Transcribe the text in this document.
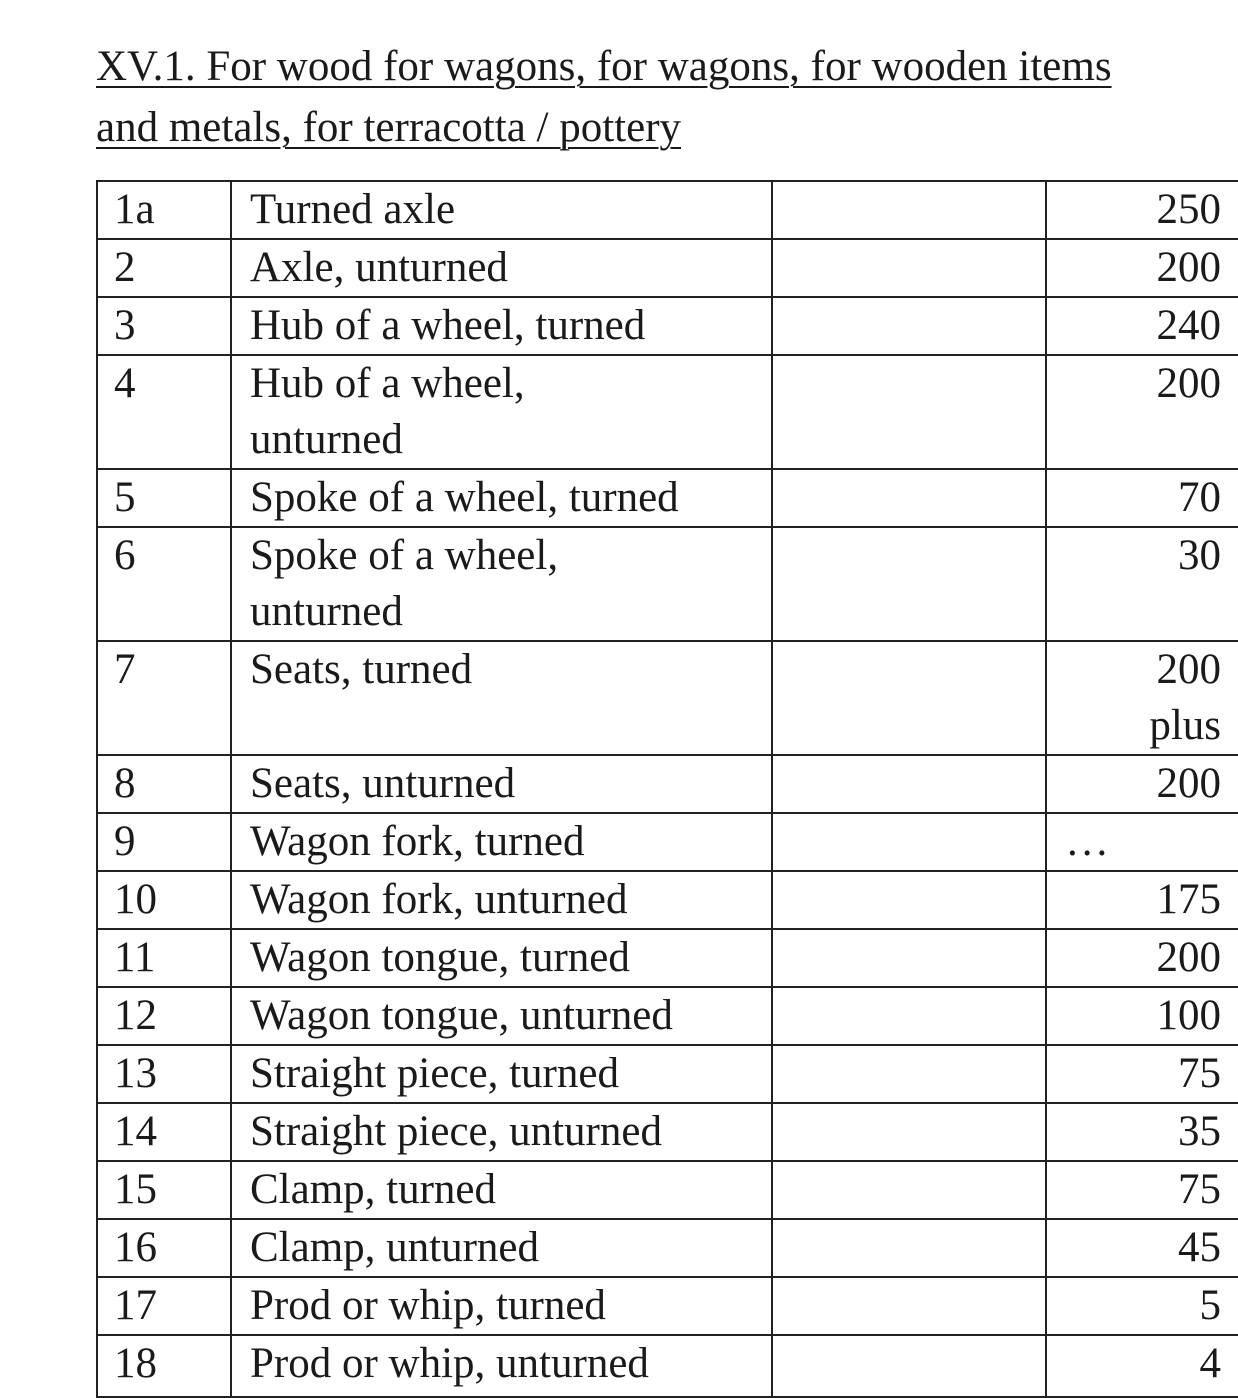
XV.1. For wood for wagons, for wagons, for wooden items
and metals, for terracotta / pottery
1a	Turned axle		250

2	Axle, unturned		200

3	Hub of a wheel, turned		240

4	Hub of a wheel,
unturned		200

5	Spoke of a wheel, turned		70

6	Spoke of a wheel,
unturned		30

7	Seats, turned		200
plus

8	Seats, unturned		200

9	Wagon fork, turned		...

10	Wagon fork, unturned		175

11	Wagon tongue, turned		200

12	Wagon tongue, unturned		100

13	Straight piece, turned		75

14	Straight piece, unturned		35

15	Clamp, turned		75

16	Clamp, unturned		45

17	Prod or whip, turned		5

18	Prod or whip, unturned		4
